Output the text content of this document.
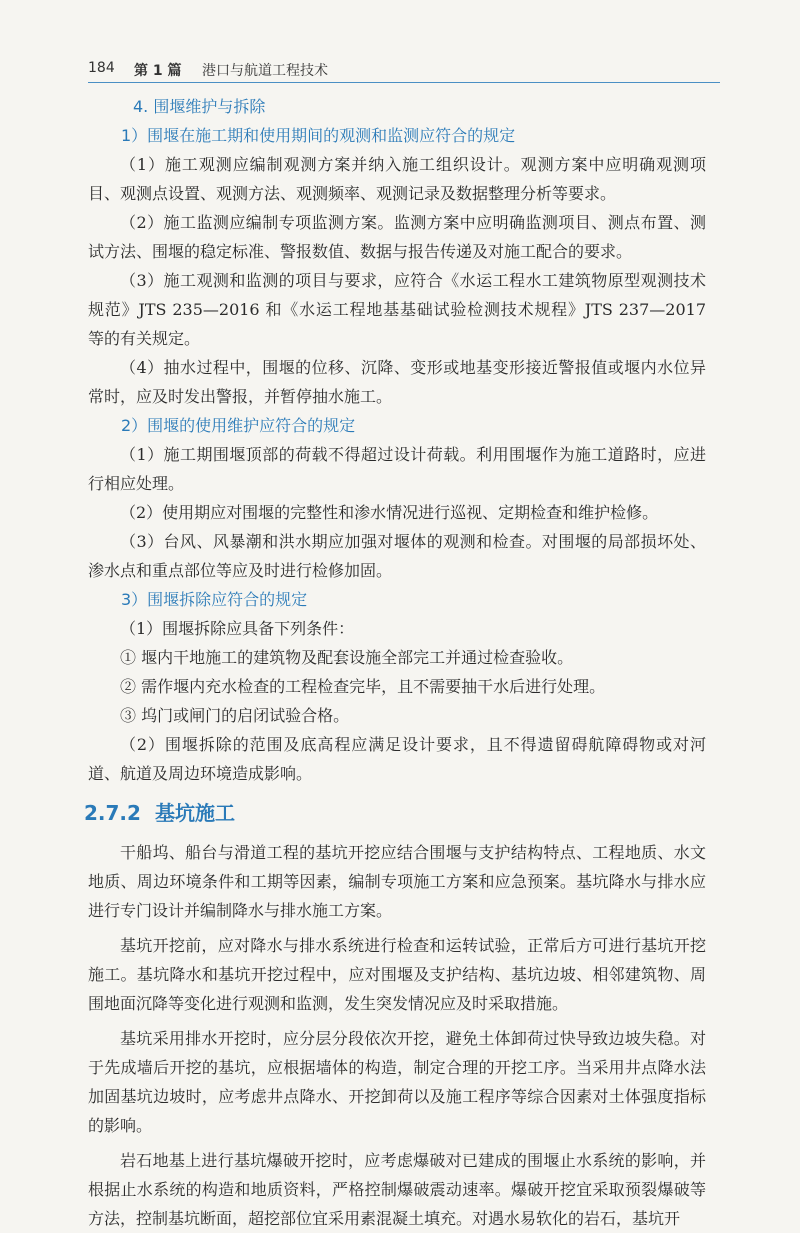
184 第 1 篇 港口与航道工程技术
4. 围堰维护与拆除
1）围堰在施工期和使用期间的观测和监测应符合的规定

（1）施工观测应编制观测方案并纳入施工组织设计。观测方案中应明确观测项目、观测点设置、观测方法、观测频率、观测记录及数据整理分析等要求。

（2）施工监测应编制专项监测方案。监测方案中应明确监测项目、测点布置、测试方法、围堰的稳定标准、警报数值、数据与报告传递及对施工配合的要求。

（3）施工观测和监测的项目与要求，应符合《水运工程水工建筑物原型观测技术规范》JTS 235—2016 和《水运工程地基基础试验检测技术规程》JTS 237—2017 等的有关规定。

（4）抽水过程中，围堰的位移、沉降、变形或地基变形接近警报值或堰内水位异常时，应及时发出警报，并暂停抽水施工。

2）围堰的使用维护应符合的规定

（1）施工期围堰顶部的荷载不得超过设计荷载。利用围堰作为施工道路时，应进行相应处理。

（2）使用期应对围堰的完整性和渗水情况进行巡视、定期检查和维护检修。

（3）台风、风暴潮和洪水期应加强对堰体的观测和检查。对围堰的局部损坏处、渗水点和重点部位等应及时进行检修加固。

3）围堰拆除应符合的规定

（1）围堰拆除应具备下列条件：

① 堰内干地施工的建筑物及配套设施全部完工并通过检查验收。

② 需作堰内充水检查的工程检查完毕，且不需要抽干水后进行处理。

③ 坞门或闸门的启闭试验合格。

（2）围堰拆除的范围及底高程应满足设计要求，且不得遗留碍航障碍物或对河道、航道及周边环境造成影响。

2.7.2 基坑施工

干船坞、船台与滑道工程的基坑开挖应结合围堰与支护结构特点、工程地质、水文地质、周边环境条件和工期等因素，编制专项施工方案和应急预案。基坑降水与排水应进行专门设计并编制降水与排水施工方案。

基坑开挖前，应对降水与排水系统进行检查和运转试验，正常后方可进行基坑开挖施工。基坑降水和基坑开挖过程中，应对围堰及支护结构、基坑边坡、相邻建筑物、周围地面沉降等变化进行观测和监测，发生突发情况应及时采取措施。

基坑采用排水开挖时，应分层分段依次开挖，避免土体卸荷过快导致边坡失稳。对于先成墙后开挖的基坑，应根据墙体的构造，制定合理的开挖工序。当采用井点降水法加固基坑边坡时，应考虑井点降水、开挖卸荷以及施工程序等综合因素对土体强度指标的影响。

岩石地基上进行基坑爆破开挖时，应考虑爆破对已建成的围堰止水系统的影响，并根据止水系统的构造和地质资料，严格控制爆破震动速率。爆破开挖宜采取预裂爆破等方法，控制基坑断面，超挖部位宜采用素混凝土填充。对遇水易软化的岩石，基坑开
